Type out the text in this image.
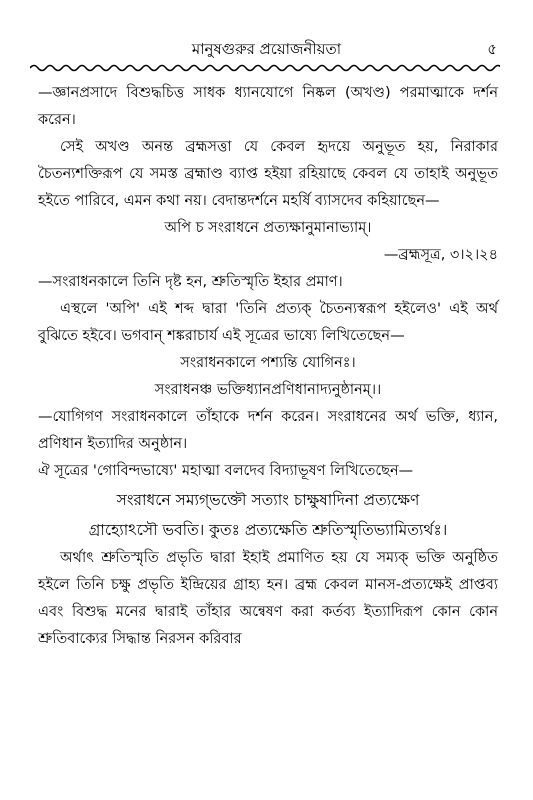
মানুষগুরুর প্রয়োজনীয়তা	৫

—জ্ঞানপ্রসাদে বিশুদ্ধচিত্ত সাধক ধ্যানযোগে নিষ্কল (অখণ্ড) পরমাত্মাকে দর্শন করেন।

সেই অখণ্ড অনন্ত ব্রহ্মসত্তা যে কেবল হৃদয়ে অনুভূত হয়, নিরাকার চৈতন্যশক্তিরূপ যে সমস্ত ব্রহ্মাণ্ড ব্যাপ্ত হইয়া রহিয়াছে কেবল যে তাহাই অনুভূত হইতে পারিবে, এমন কথা নয়। বেদান্তদর্শনে মহর্ষি ব্যাসদেব কহিয়াছেন—

অপি চ সংরাধনে প্রত্যক্ষানুমানাভ্যাম্।

—ব্রহ্মসূত্র, ৩।২।২৪

—সংরাধনকালে তিনি দৃষ্ট হন, শ্রুতিস্মৃতি ইহার প্রমাণ।

এস্থলে 'অপি' এই শব্দ দ্বারা 'তিনি প্রত্যক্ চৈতন্যস্বরূপ হইলেও' এই অর্থ বুঝিতে হইবে। ভগবান্ শঙ্করাচার্য এই সূত্রের ভাষ্যে লিখিতেছেন—

সংরাধনকালে পশ্যন্তি যোগিনঃ।

সংরাধনঞ্চ ভক্তিধ্যানপ্রণিধানাদ্যনুষ্ঠানম্।।

—যোগিগণ সংরাধনকালে তাঁহাকে দর্শন করেন। সংরাধনের অর্থ ভক্তি, ধ্যান, প্রণিধান ইত্যাদির অনুষ্ঠান।

ঐ সূত্রের 'গোবিন্দভাষ্যে' মহাত্মা বলদেব বিদ্যাভূষণ লিখিতেছেন—

সংরাধনে সম্যগ্‌ভক্তৌ সত্যাং চাক্ষুষাদিনা প্রত্যক্ষেণ

গ্রাহ্যোঽসৌ ভবতি। কুতঃ প্রত্যক্ষেতি শ্রুতিস্মৃতিভ্যামিত্যর্থঃ।

অর্থাৎ শ্রুতিস্মৃতি প্রভৃতি দ্বারা ইহাই প্রমাণিত হয় যে সম্যক্ ভক্তি অনুষ্ঠিত হইলে তিনি চক্ষু প্রভৃতি ইন্দ্রিয়ের গ্রাহ্য হন। ব্রহ্ম কেবল মানস-প্রত্যক্ষেই প্রাপ্তব্য এবং বিশুদ্ধ মনের দ্বারাই তাঁহার অন্বেষণ করা কর্তব্য ইত্যাদিরূপ কোন কোন শ্রুতিবাক্যের সিদ্ধান্ত নিরসন করিবার
